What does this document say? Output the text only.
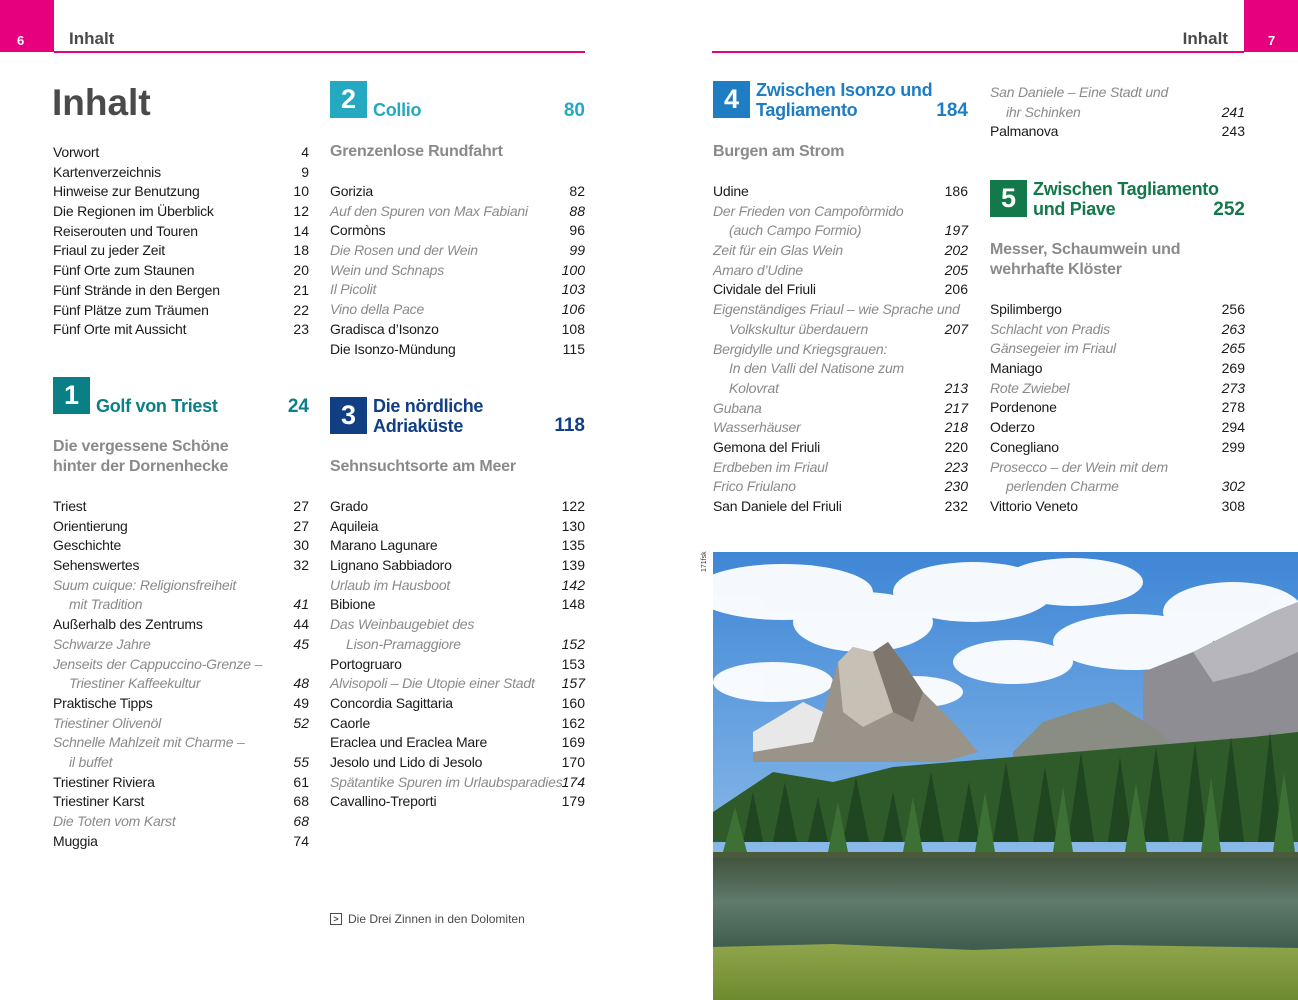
6	Inhalt	7
Inhalt
Inhalt
Vorwort	4
Kartenverzeichnis	9
Hinweise zur Benutzung	10
Die Regionen im Überblick	12
Reiserouten und Touren	14
Friaul zu jeder Zeit	18
Fünf Orte zum Staunen	20
Fünf Strände in den Bergen	21
Fünf Plätze zum Träumen	22
Fünf Orte mit Aussicht	23
1 Golf von Triest	24
Die vergessene Schöne
hinter der Dornenhecke
Triest	27
Orientierung	27
Geschichte	30
Sehenswertes	32
Suum cuique: Religionsfreiheit
mit Tradition	41
Außerhalb des Zentrums	44
Schwarze Jahre	45
Jenseits der Cappuccino-Grenze –
Triestiner Kaffeekultur	48
Praktische Tipps	49
Triestiner Olivenöl	52
Schnelle Mahlzeit mit Charme –
il buffet	55
Triestiner Riviera	61
Triestiner Karst	68
Die Toten vom Karst	68
Muggia	74
2 Collio	80
Grenzenlose Rundfahrt
Gorizia	82
Auf den Spuren von Max Fabiani	88
Cormòns	96
Die Rosen und der Wein	99
Wein und Schnaps	100
Il Picolit	103
Vino della Pace	106
Gradisca d’Isonzo	108
Die Isonzo-Mündung	115
3 Die nördliche
Adriaküste	118
Sehnsuchtsorte am Meer
Grado	122
Aquileia	130
Marano Lagunare	135
Lignano Sabbiadoro	139
Urlaub im Hausboot	142
Bibione	148
Das Weinbaugebiet des
Lison-Pramaggiore	152
Portogruaro	153
Alvisopoli – Die Utopie einer Stadt 157
Concordia Sagittaria	160
Caorle	162
Eraclea und Eraclea Mare	169
Jesolo und Lido di Jesolo	170
Spätantike Spuren im Urlaubsparadies 174
Cavallino-Treporti	179
> Die Drei Zinnen in den Dolomiten
4 Zwischen Isonzo und
Tagliamento	184
Burgen am Strom
Udine	186
Der Frieden von Campofòrmido
(auch Campo Formio)	197
Zeit für ein Glas Wein	202
Amaro d’Udine	205
Cividale del Friuli	206
Eigenständiges Friaul – wie Sprache und
Volkskultur überdauern	207
Bergidylle und Kriegsgrauen:
In den Valli del Natisone zum
Kolovrat	213
Gubana	217
Wasserhäuser	218
Gemona del Friuli	220
Erdbeben im Friaul	223
Frico Friulano	230
San Daniele del Friuli	232
San Daniele – Eine Stadt und
ihr Schinken	241
Palmanova	243
5 Zwischen Tagliamento
und Piave	252
Messer, Schaumwein und
wehrhafte Klöster
Spilimbergo	256
Schlacht von Pradis	263
Gänsegeier im Friaul	265
Maniago	269
Rote Zwiebel	273
Pordenone	278
Oderzo	294
Conegliano	299
Prosecco – der Wein mit dem
perlenden Charme	302
Vittorio Veneto	308
171fsk
